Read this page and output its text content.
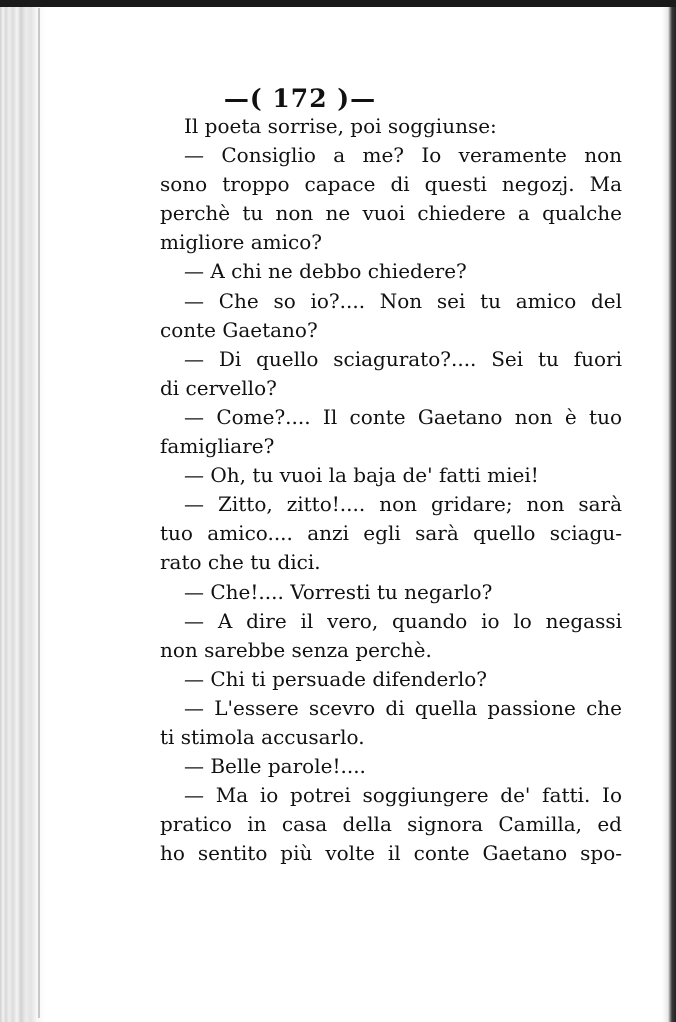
—( 172 )—
Il poeta sorrise, poi soggiunse:
— Consiglio a me? Io veramente non
sono troppo capace di questi negozj. Ma
perchè tu non ne vuoi chiedere a qualche
migliore amico?
— A chi ne debbo chiedere?
— Che so io?.... Non sei tu amico del
conte Gaetano?
— Di quello sciagurato?.... Sei tu fuori
di cervello?
— Come?.... Il conte Gaetano non è tuo
famigliare?
— Oh, tu vuoi la baja de' fatti miei!
— Zitto, zitto!.... non gridare; non sarà
tuo amico.... anzi egli sarà quello sciagu-
rato che tu dici.
— Che!.... Vorresti tu negarlo?
— A dire il vero, quando io lo negassi
non sarebbe senza perchè.
— Chi ti persuade difenderlo?
— L'essere scevro di quella passione che
ti stimola accusarlo.
— Belle parole!....
— Ma io potrei soggiungere de' fatti. Io
pratico in casa della signora Camilla, ed
ho sentito più volte il conte Gaetano spo-
